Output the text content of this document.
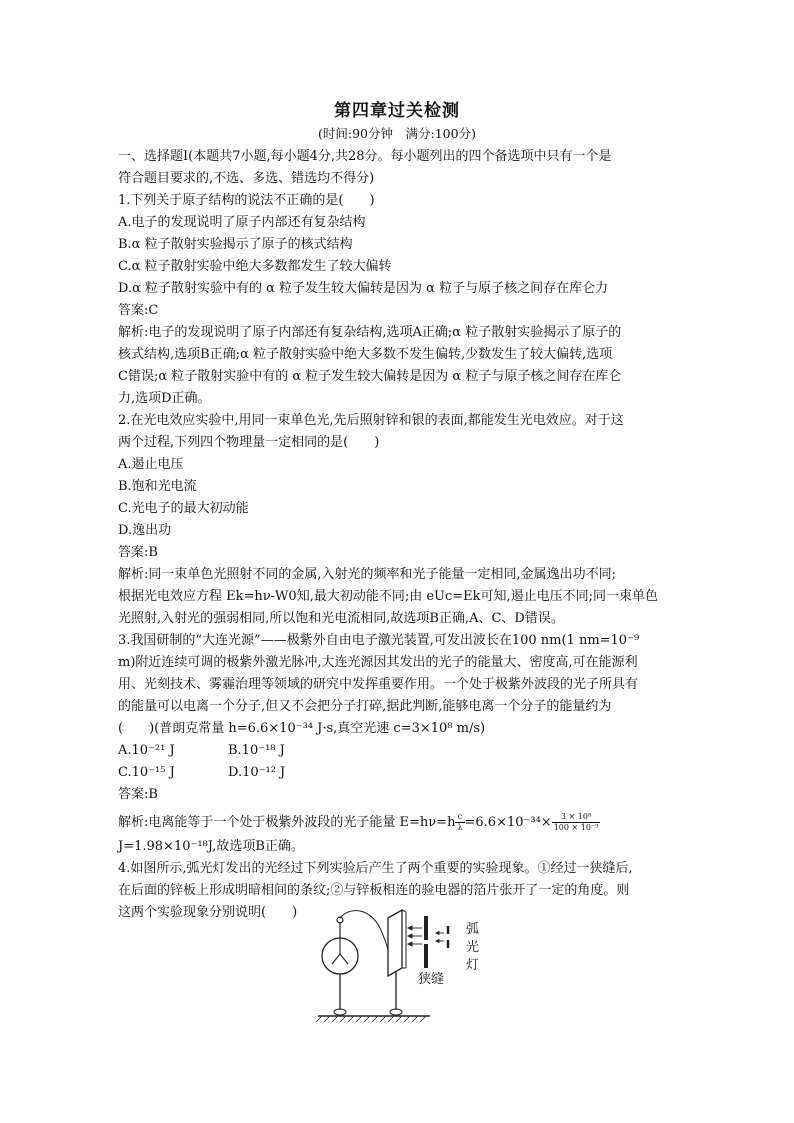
第四章过关检测
(时间:90分钟　满分:100分)
一、选择题Ⅰ(本题共7小题,每小题4分,共28分。每小题列出的四个备选项中只有一个是
符合题目要求的,不选、多选、错选均不得分)
1.下列关于原子结构的说法不正确的是(　　)
A.电子的发现说明了原子内部还有复杂结构
B.α 粒子散射实验揭示了原子的核式结构
C.α 粒子散射实验中绝大多数都发生了较大偏转
D.α 粒子散射实验中有的 α 粒子发生较大偏转是因为 α 粒子与原子核之间存在库仑力
答案:C
解析:电子的发现说明了原子内部还有复杂结构,选项A正确;α 粒子散射实验揭示了原子的
核式结构,选项B正确;α 粒子散射实验中绝大多数不发生偏转,少数发生了较大偏转,选项
C错误;α 粒子散射实验中有的 α 粒子发生较大偏转是因为 α 粒子与原子核之间存在库仑
力,选项D正确。
2.在光电效应实验中,用同一束单色光,先后照射锌和银的表面,都能发生光电效应。对于这
两个过程,下列四个物理量一定相同的是(　　)
A.遏止电压
B.饱和光电流
C.光电子的最大初动能
D.逸出功
答案:B
解析:同一束单色光照射不同的金属,入射光的频率和光子能量一定相同,金属逸出功不同;
根据光电效应方程 Ek=hν-W0知,最大初动能不同;由 eUc=Ek可知,遏止电压不同;同一束单色
光照射,入射光的强弱相同,所以饱和光电流相同,故选项B正确,A、C、D错误。
3.我国研制的“大连光源”——极紫外自由电子激光装置,可发出波长在100 nm(1 nm=10⁻⁹
m)附近连续可调的极紫外激光脉冲,大连光源因其发出的光子的能量大、密度高,可在能源利
用、光刻技术、雾霾治理等领域的研究中发挥重要作用。一个处于极紫外波段的光子所具有
的能量可以电离一个分子,但又不会把分子打碎,据此判断,能够电离一个分子的能量约为
(　　)(普朗克常量 h=6.6×10⁻³⁴ J·s,真空光速 c=3×10⁸ m/s)
A.10⁻²¹ J	B.10⁻¹⁸ J
C.10⁻¹⁵ J	D.10⁻¹² J
答案:B
解析:电离能等于一个处于极紫外波段的光子能量 $E=h\nu=h \frac{c}{\lambda} =6.6\times 10^{-34}\times \frac{\text{3 × 10⁸}}{\text{100 × 10⁻⁹}}$
J=1.98×10⁻¹⁸J,故选项B正确。
4.如图所示,弧光灯发出的光经过下列实验后产生了两个重要的实验现象。①经过一狭缝后,
在后面的锌板上形成明暗相间的条纹;②与锌板相连的验电器的箔片张开了一定的角度。则
这两个实验现象分别说明(　　)
狭缝
弧
光
灯
